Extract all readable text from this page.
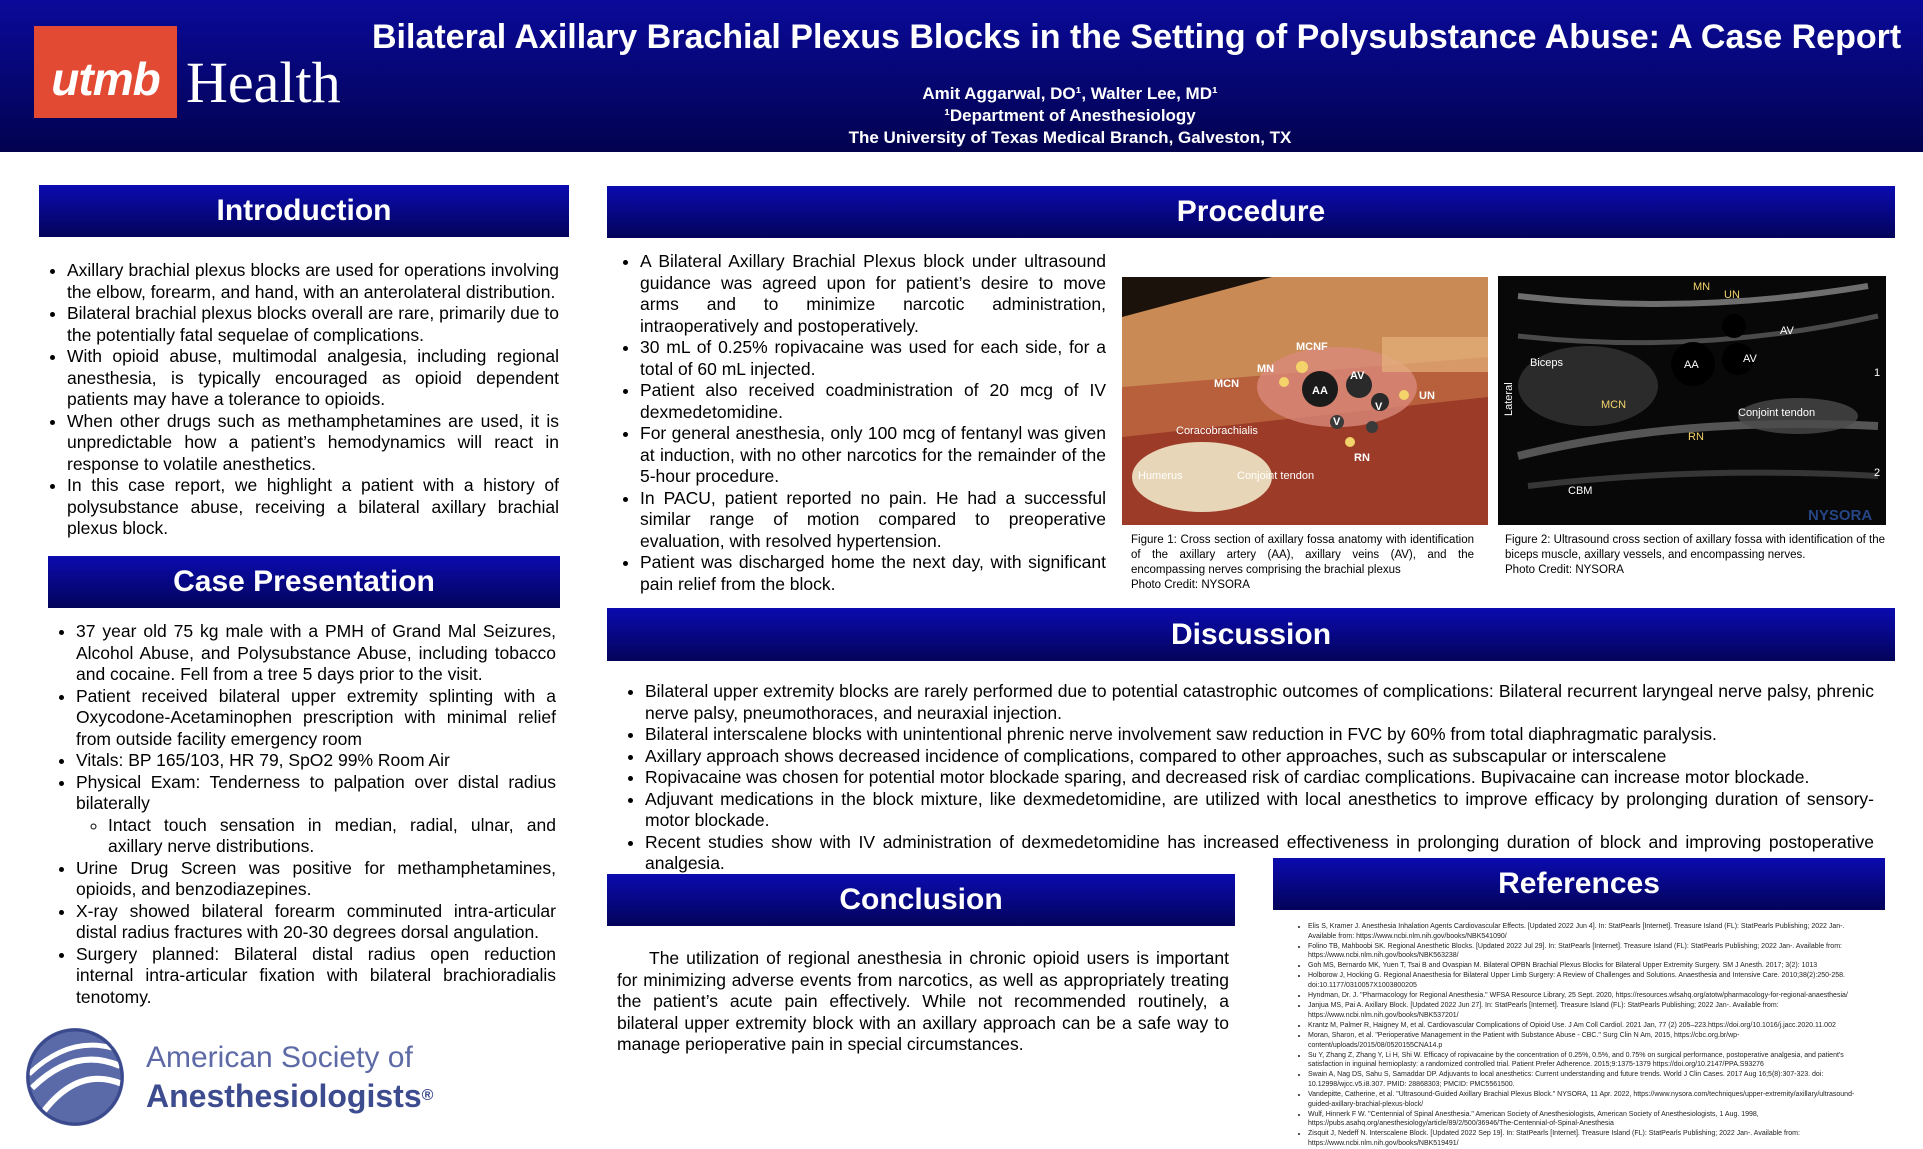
utmb Health
Bilateral Axillary Brachial Plexus Blocks in the Setting of Polysubstance Abuse: A Case Report
Amit Aggarwal, DO¹, Walter Lee, MD¹
¹Department of Anesthesiology
The University of Texas Medical Branch, Galveston, TX
Introduction
• Axillary brachial plexus blocks are used for operations involving the elbow, forearm, and hand, with an anterolateral distribution.
• Bilateral brachial plexus blocks overall are rare, primarily due to the potentially fatal sequelae of complications.
• With opioid abuse, multimodal analgesia, including regional anesthesia, is typically encouraged as opioid dependent patients may have a tolerance to opioids.
• When other drugs such as methamphetamines are used, it is unpredictable how a patient’s hemodynamics will react in response to volatile anesthetics.
• In this case report, we highlight a patient with a history of polysubstance abuse, receiving a bilateral axillary brachial plexus block.
Case Presentation
• 37 year old 75 kg male with a PMH of Grand Mal Seizures, Alcohol Abuse, and Polysubstance Abuse, including tobacco and cocaine. Fell from a tree 5 days prior to the visit.
• Patient received bilateral upper extremity splinting with a Oxycodone-Acetaminophen prescription with minimal relief from outside facility emergency room
• Vitals: BP 165/103, HR 79, SpO2 99% Room Air
• Physical Exam: Tenderness to palpation over distal radius bilaterally
◦ Intact touch sensation in median, radial, ulnar, and axillary nerve distributions.
• Urine Drug Screen was positive for methamphetamines, opioids, and benzodiazepines.
• X-ray showed bilateral forearm comminuted intra-articular distal radius fractures with 20-30 degrees dorsal angulation.
• Surgery planned: Bilateral distal radius open reduction internal intra-articular fixation with bilateral brachioradialis tenotomy.
American Society of
Anesthesiologists®
Procedure
• A Bilateral Axillary Brachial Plexus block under ultrasound guidance was agreed upon for patient’s desire to move arms and to minimize narcotic administration, intraoperatively and postoperatively.
• 30 mL of 0.25% ropivacaine was used for each side, for a total of 60 mL injected.
• Patient also received coadministration of 20 mcg of IV dexmedetomidine.
• For general anesthesia, only 100 mcg of fentanyl was given at induction, with no other narcotics for the remainder of the 5-hour procedure.
• In PACU, patient reported no pain. He had a successful similar range of motion compared to preoperative evaluation, with resolved hypertension.
• Patient was discharged home the next day, with significant pain relief from the block.
MCNF
MN
MCN
AA
AV
UN
V
V
Coracobrachialis
RN
Humerus	Conjoint tendon
Figure 1: Cross section of axillary fossa anatomy with identification of the axillary artery (AA), axillary veins (AV), and the encompassing nerves comprising the brachial plexus
Photo Credit: NYSORA
MN
UN
AV
AV
AA
Biceps
Conjoint tendon
MCN
RN
CBM
Lateral
1
2
NYSORA
Figure 2: Ultrasound cross section of axillary fossa with identification of the biceps muscle, axillary vessels, and encompassing nerves.
Photo Credit: NYSORA
Discussion
• Bilateral upper extremity blocks are rarely performed due to potential catastrophic outcomes of complications: Bilateral recurrent laryngeal nerve palsy, phrenic nerve palsy, pneumothoraces, and neuraxial injection.
• Bilateral interscalene blocks with unintentional phrenic nerve involvement saw reduction in FVC by 60% from total diaphragmatic paralysis.
• Axillary approach shows decreased incidence of complications, compared to other approaches, such as subscapular or interscalene
• Ropivacaine was chosen for potential motor blockade sparing, and decreased risk of cardiac complications. Bupivacaine can increase motor blockade.
• Adjuvant medications in the block mixture, like dexmedetomidine, are utilized with local anesthetics to improve efficacy by prolonging duration of sensory-motor blockade.
• Recent studies show with IV administration of dexmedetomidine has increased effectiveness in prolonging duration of block and improving postoperative analgesia.
Conclusion
The utilization of regional anesthesia in chronic opioid users is important for minimizing adverse events from narcotics, as well as appropriately treating the patient’s acute pain effectively. While not recommended routinely, a bilateral upper extremity block with an axillary approach can be a safe way to manage perioperative pain in special circumstances.
References
• Elis S, Kramer J. Anesthesia Inhalation Agents Cardiovascular Effects. [Updated 2022 Jun 4]. In: StatPearls [Internet]. Treasure Island (FL): StatPearls Publishing; 2022 Jan-. Available from: https://www.ncbi.nlm.nih.gov/books/NBK541090/
• Folino TB, Mahboobi SK. Regional Anesthetic Blocks. [Updated 2022 Jul 29]. In: StatPearls [Internet]. Treasure Island (FL): StatPearls Publishing; 2022 Jan-. Available from: https://www.ncbi.nlm.nih.gov/books/NBK563238/
• Goh MS, Bernardo MK, Yuen T, Tsai B and Ovaspian M. Bilateral OPBN Brachial Plexus Blocks for Bilateral Upper Extremity Surgery. SM J Anesth. 2017; 3(2): 1013
• Holborow J, Hocking G. Regional Anaesthesia for Bilateral Upper Limb Surgery: A Review of Challenges and Solutions. Anaesthesia and Intensive Care. 2010;38(2):250-258. doi:10.1177/0310057X1003800205
• Hyndman, Dr. J. "Pharmacology for Regional Anesthesia." WFSA Resource Library, 25 Sept. 2020, https://resources.wfsahq.org/atotw/pharmacology-for-regional-anaesthesia/
• Janjua MS, Pai A. Axillary Block. [Updated 2022 Jun 27]. In: StatPearls [Internet]. Treasure Island (FL): StatPearls Publishing; 2022 Jan-. Available from: https://www.ncbi.nlm.nih.gov/books/NBK537201/
• Krantz M, Palmer R, Haigney M, et al. Cardiovascular Complications of Opioid Use. J Am Coll Cardiol. 2021 Jan, 77 (2) 205–223.https://doi.org/10.1016/j.jacc.2020.11.002
• Moran, Sharon, et al. "Perioperative Management in the Patient with Substance Abuse - CBC." Surg Clin N Am, 2015, https://cbc.org.br/wp-content/uploads/2015/08/0520155CNA14.p
• Su Y, Zhang Z, Zhang Y, Li H, Shi W. Efficacy of ropivacaine by the concentration of 0.25%, 0.5%, and 0.75% on surgical performance, postoperative analgesia, and patient's satisfaction in inguinal hernioplasty: a randomized controlled trial. Patient Prefer Adherence. 2015;9:1375-1379 https://doi.org/10.2147/PPA.S93276
• Swain A, Nag DS, Sahu S, Samaddar DP. Adjuvants to local anesthetics: Current understanding and future trends. World J Clin Cases. 2017 Aug 16;5(8):307-323. doi: 10.12998/wjcc.v5.i8.307. PMID: 28868303; PMCID: PMC5561500.
• Vandepitte, Catherine, et al. "Ultrasound-Guided Axillary Brachial Plexus Block." NYSORA, 11 Apr. 2022, https://www.nysora.com/techniques/upper-extremity/axillary/ultrasound-guided-axillary-brachial-plexus-block/
• Wulf, Hinnerk F W. "Centennial of Spinal Anesthesia." American Society of Anesthesiologists, American Society of Anesthesiologists, 1 Aug. 1998, https://pubs.asahq.org/anesthesiology/article/89/2/500/36946/The-Centennial-of-Spinal-Anesthesia
• Zisquit J, Nedeff N. Interscalene Block. [Updated 2022 Sep 19]. In: StatPearls [Internet]. Treasure Island (FL): StatPearls Publishing; 2022 Jan-. Available from: https://www.ncbi.nlm.nih.gov/books/NBK519491/
